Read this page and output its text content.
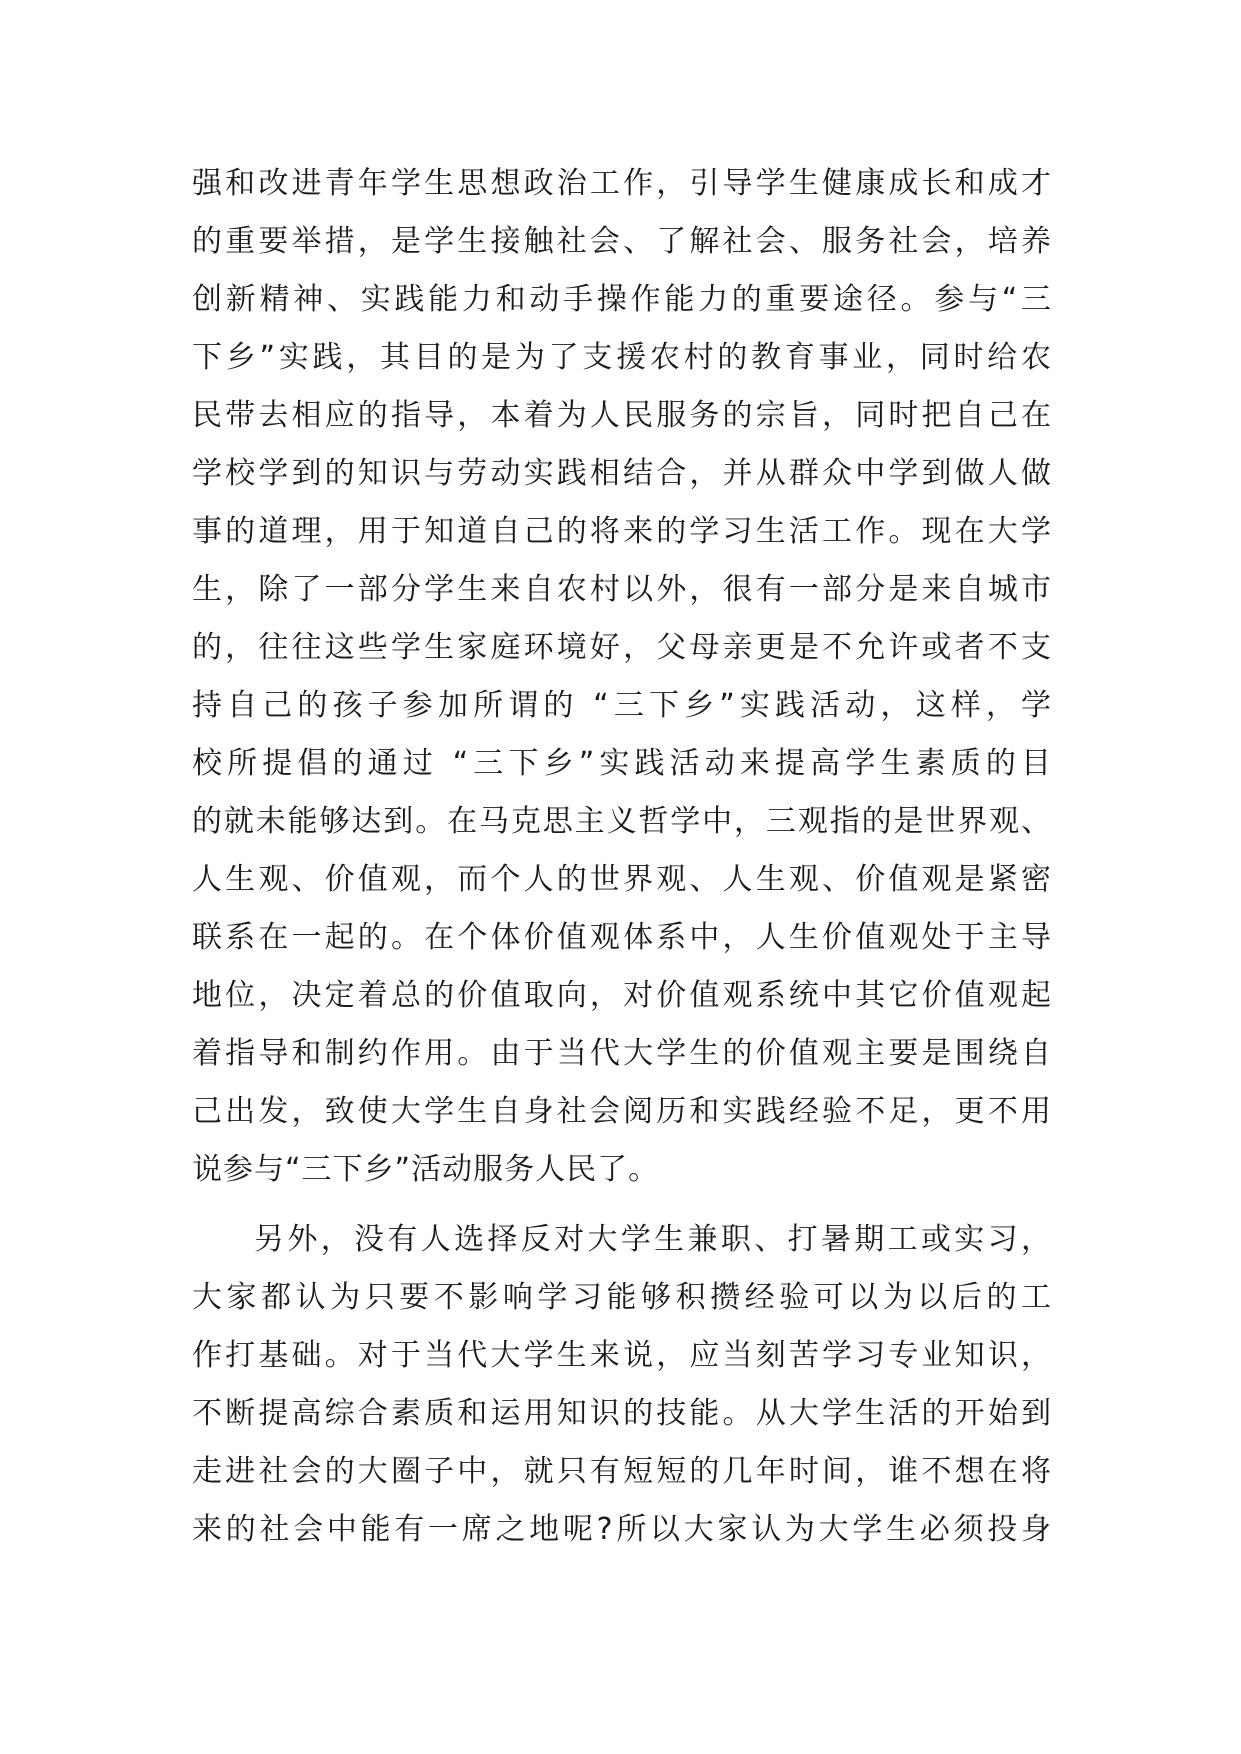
强和改进青年学生思想政治工作，引导学生健康成长和成才
的重要举措，是学生接触社会、了解社会、服务社会，培养
创新精神、实践能力和动手操作能力的重要途径。参与“三
下乡”实践，其目的是为了支援农村的教育事业，同时给农
民带去相应的指导，本着为人民服务的宗旨，同时把自己在
学校学到的知识与劳动实践相结合，并从群众中学到做人做
事的道理，用于知道自己的将来的学习生活工作。现在大学
生，除了一部分学生来自农村以外，很有一部分是来自城市
的，往往这些学生家庭环境好，父母亲更是不允许或者不支
持自己的孩子参加所谓的 “三下乡”实践活动，这样，学
校所提倡的通过 “三下乡”实践活动来提高学生素质的目
的就未能够达到。在马克思主义哲学中，三观指的是世界观、
人生观、价值观，而个人的世界观、人生观、价值观是紧密
联系在一起的。在个体价值观体系中，人生价值观处于主导
地位，决定着总的价值取向，对价值观系统中其它价值观起
着指导和制约作用。由于当代大学生的价值观主要是围绕自
己出发，致使大学生自身社会阅历和实践经验不足，更不用
说参与“三下乡”活动服务人民了。
另外，没有人选择反对大学生兼职、打暑期工或实习，
大家都认为只要不影响学习能够积攒经验可以为以后的工
作打基础。对于当代大学生来说，应当刻苦学习专业知识，
不断提高综合素质和运用知识的技能。从大学生活的开始到
走进社会的大圈子中，就只有短短的几年时间，谁不想在将
来的社会中能有一席之地呢?所以大家认为大学生必须投身
